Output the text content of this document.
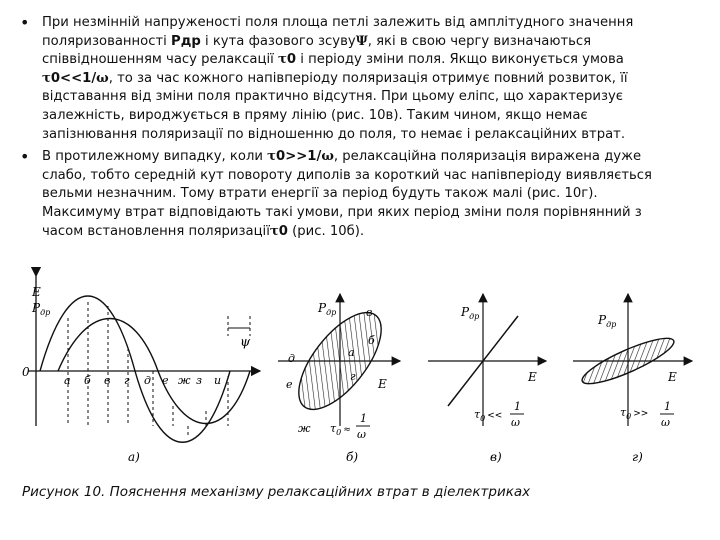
• При незмінній напруженості поля площа петлі залежить від амплітудного значення
поляризованності Рдр і кута фазового зсувуΨ, які в свою чергу визначаються
співвідношенням часу релаксації τ0 і періоду зміни поля. Якщо виконується умова
τ0<<1/ω, то за час кожного напівперіоду поляризація отримує повний розвиток, її
відставання від зміни поля практично відсутня. При цьому еліпс, що характеризує
залежність, вироджується в пряму лінію (рис. 10в). Таким чином, якщо немає
запізнювання поляризації по відношенню до поля, то немає і релаксаційних втрат.
• В протилежному випадку, коли τ0>>1/ω, релаксаційна поляризація виражена дуже
слабо, тобто середній кут повороту диполів за короткий час напівперіоду виявляється
вельми незначним. Тому втрати енергії за період будуть також малі (рис. 10г).
Максимуму втрат відповідають такі умови, при яких період зміни поля порівнянний з
часом встановлення поляризаціїτ0 (рис. 10б).
E
$P_{др}$
0
ψ
а б в г д е ж з и
а)
$P_{др}$
E
б
в
а
г
д
е
ж $\tau_0$ ≈
1
ω
б)
$P_{др}$
E
$\tau_0$ <<
1
ω
в)
$P_{др}$
E
$\tau_0$ >>
1
ω
г)
Рисунок 10. Пояснення механізму релаксаційних втрат в діелектриках
